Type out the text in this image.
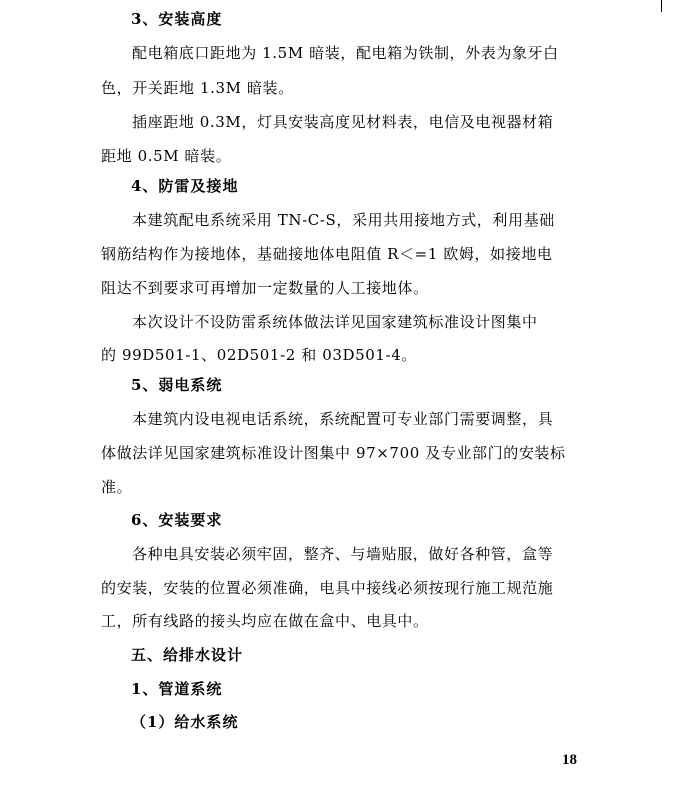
3、安装高度
配电箱底口距地为 1.5M 暗装，配电箱为铁制，外表为象牙白
色，开关距地 1.3M 暗装。
插座距地 0.3M，灯具安装高度见材料表，电信及电视器材箱
距地 0.5M 暗装。
4、防雷及接地
本建筑配电系统采用 TN-C-S，采用共用接地方式，利用基础
钢筋结构作为接地体，基础接地体电阻值 R＜=1 欧姆，如接地电
阻达不到要求可再增加一定数量的人工接地体。
本次设计不设防雷系统体做法详见国家建筑标准设计图集中
的 99D501-1、02D501-2 和 03D501-4。
5、弱电系统
本建筑内设电视电话系统，系统配置可专业部门需要调整，具
体做法详见国家建筑标准设计图集中 97×700 及专业部门的安装标
准。
6、安装要求
各种电具安装必须牢固，整齐、与墙贴服，做好各种管，盒等
的安装，安装的位置必须准确，电具中接线必须按现行施工规范施
工，所有线路的接头均应在做在盒中、电具中。
五、给排水设计
1、管道系统
（1）给水系统
18
